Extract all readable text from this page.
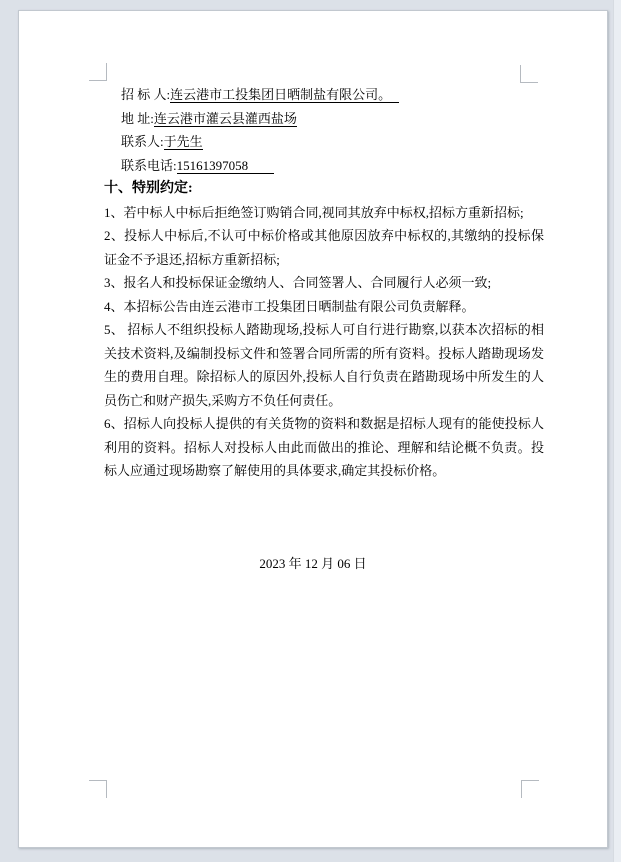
招 标 人:连云港市工投集团日晒制盐有限公司。

地 址:连云港市灌云县灌西盐场

联系人:于先生

联系电话:15161397058

十、特别约定:

1、若中标人中标后拒绝签订购销合同,视同其放弃中标权,招标方重新招标;

2、投标人中标后,不认可中标价格或其他原因放弃中标权的,其缴纳的投标保证金不予退还,招标方重新招标;

3、报名人和投标保证金缴纳人、合同签署人、合同履行人必须一致;

4、本招标公告由连云港市工投集团日晒制盐有限公司负责解释。

5、 招标人不组织投标人踏勘现场,投标人可自行进行勘察,以获本次招标的相关技术资料,及编制投标文件和签署合同所需的所有资料。投标人踏勘现场发生的费用自理。除招标人的原因外,投标人自行负责在踏勘现场中所发生的人员伤亡和财产损失,采购方不负任何责任。

6、招标人向投标人提供的有关货物的资料和数据是招标人现有的能使投标人利用的资料。招标人对投标人由此而做出的推论、理解和结论概不负责。投标人应通过现场勘察了解使用的具体要求,确定其投标价格。

2023 年 12 月 06 日
